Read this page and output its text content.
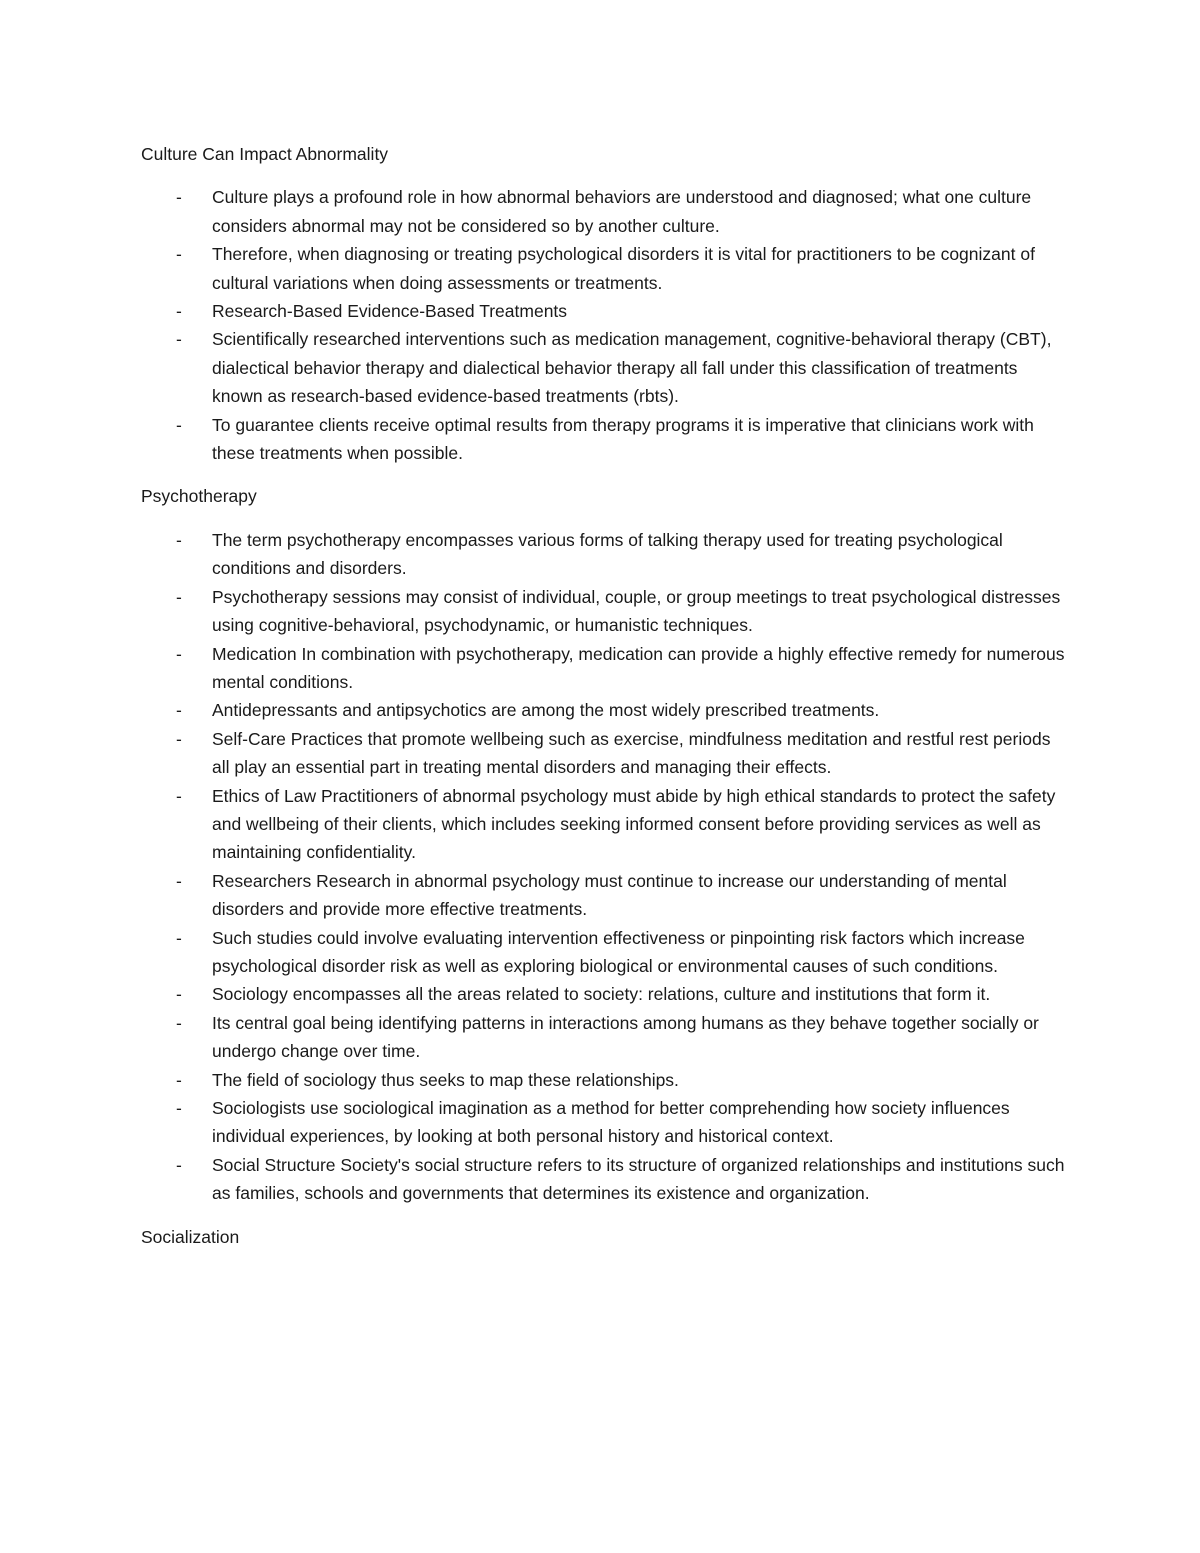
Culture Can Impact Abnormality
- Culture plays a profound role in how abnormal behaviors are understood and diagnosed; what one culture considers abnormal may not be considered so by another culture.
- Therefore, when diagnosing or treating psychological disorders it is vital for practitioners to be cognizant of cultural variations when doing assessments or treatments.
- Research-Based Evidence-Based Treatments
- Scientifically researched interventions such as medication management, cognitive-behavioral therapy (CBT), dialectical behavior therapy and dialectical behavior therapy all fall under this classification of treatments known as research-based evidence-based treatments (rbts).
- To guarantee clients receive optimal results from therapy programs it is imperative that clinicians work with these treatments when possible.
Psychotherapy
- The term psychotherapy encompasses various forms of talking therapy used for treating psychological conditions and disorders.
- Psychotherapy sessions may consist of individual, couple, or group meetings to treat psychological distresses using cognitive-behavioral, psychodynamic, or humanistic techniques.
- Medication In combination with psychotherapy, medication can provide a highly effective remedy for numerous mental conditions.
- Antidepressants and antipsychotics are among the most widely prescribed treatments.
- Self-Care Practices that promote wellbeing such as exercise, mindfulness meditation and restful rest periods all play an essential part in treating mental disorders and managing their effects.
- Ethics of Law Practitioners of abnormal psychology must abide by high ethical standards to protect the safety and wellbeing of their clients, which includes seeking informed consent before providing services as well as maintaining confidentiality.
- Researchers Research in abnormal psychology must continue to increase our understanding of mental disorders and provide more effective treatments.
- Such studies could involve evaluating intervention effectiveness or pinpointing risk factors which increase psychological disorder risk as well as exploring biological or environmental causes of such conditions.
- Sociology encompasses all the areas related to society: relations, culture and institutions that form it.
- Its central goal being identifying patterns in interactions among humans as they behave together socially or undergo change over time.
- The field of sociology thus seeks to map these relationships.
- Sociologists use sociological imagination as a method for better comprehending how society influences individual experiences, by looking at both personal history and historical context.
- Social Structure Society's social structure refers to its structure of organized relationships and institutions such as families, schools and governments that determines its existence and organization.
Socialization
